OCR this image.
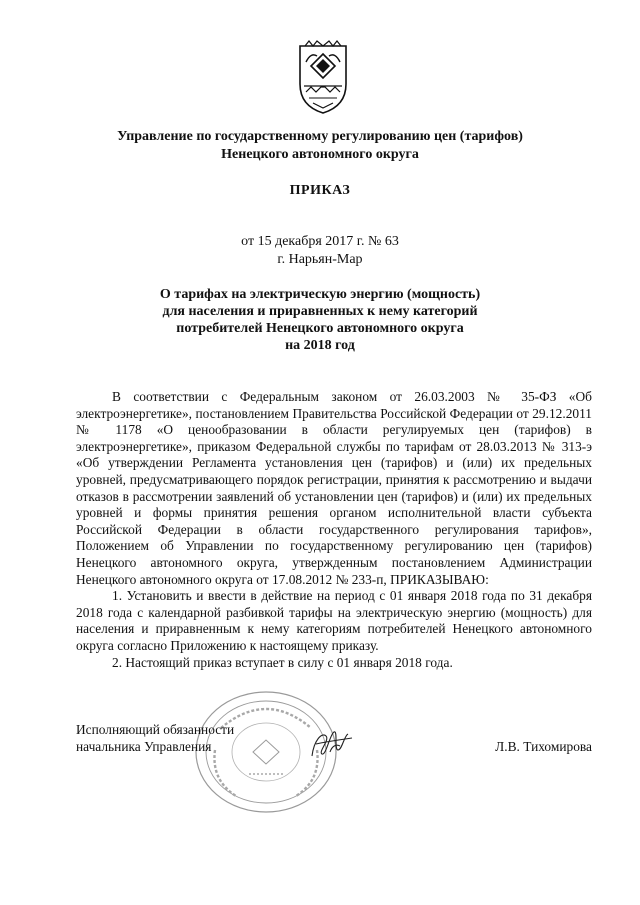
Управление по государственному регулированию цен (тарифов)
Ненецкого автономного округа
ПРИКАЗ
от 15 декабря 2017 г. № 63
г. Нарьян-Мар
О тарифах на электрическую энергию (мощность)
для населения и приравненных к нему категорий
потребителей Ненецкого автономного округа
на 2018 год

В соответствии с Федеральным законом от 26.03.2003 № 35-ФЗ «Об электроэнергетике», постановлением Правительства Российской Федерации от 29.12.2011 № 1178 «О ценообразовании в области регулируемых цен (тарифов) в электроэнергетике», приказом Федеральной службы по тарифам от 28.03.2013 № 313-э «Об утверждении Регламента установления цен (тарифов) и (или) их предельных уровней, предусматривающего порядок регистрации, принятия к рассмотрению и выдачи отказов в рассмотрении заявлений об установлении цен (тарифов) и (или) их предельных уровней и формы принятия решения органом исполнительной власти субъекта Российской Федерации в области государственного регулирования тарифов», Положением об Управлении по государственному регулированию цен (тарифов) Ненецкого автономного округа, утвержденным постановлением Администрации Ненецкого автономного округа от 17.08.2012 № 233-п, ПРИКАЗЫВАЮ:

1. Установить и ввести в действие на период с 01 января 2018 года по 31 декабря 2018 года с календарной разбивкой тарифы на электрическую энергию (мощность) для населения и приравненным к нему категориям потребителей Ненецкого автономного округа согласно Приложению к настоящему приказу.

2. Настоящий приказ вступает в силу с 01 января 2018 года.

Исполняющий обязанности
начальника Управления	Л.В. Тихомирова
